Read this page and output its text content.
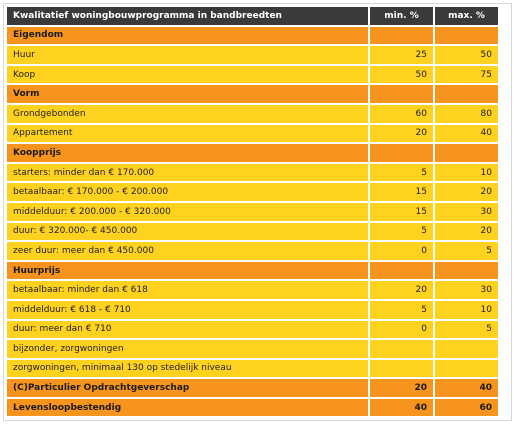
Kwalitatief woningbouwprogramma in bandbreedten	min. %	max. %
Eigendom		
Huur	25	50
Koop	50	75
Vorm		
Grondgebonden	60	80
Appartement	20	40
Koopprijs		
starters: minder dan € 170.000	5	10
betaalbaar: € 170.000 - € 200.000	15	20
middelduur: € 200.000 - € 320.000	15	30
duur: € 320.000- € 450.000	5	20
zeer duur: meer dan € 450.000	0	5
Huurprijs		
betaalbaar: minder dan € 618	20	30
middelduur: € 618 - € 710	5	10
duur: meer dan € 710	0	5
bijzonder, zorgwoningen		
zorgwoningen, minimaal 130 op stedelijk niveau		
(C)Particulier Opdrachtgeverschap	20	40
Levensloopbestendig	40	60
